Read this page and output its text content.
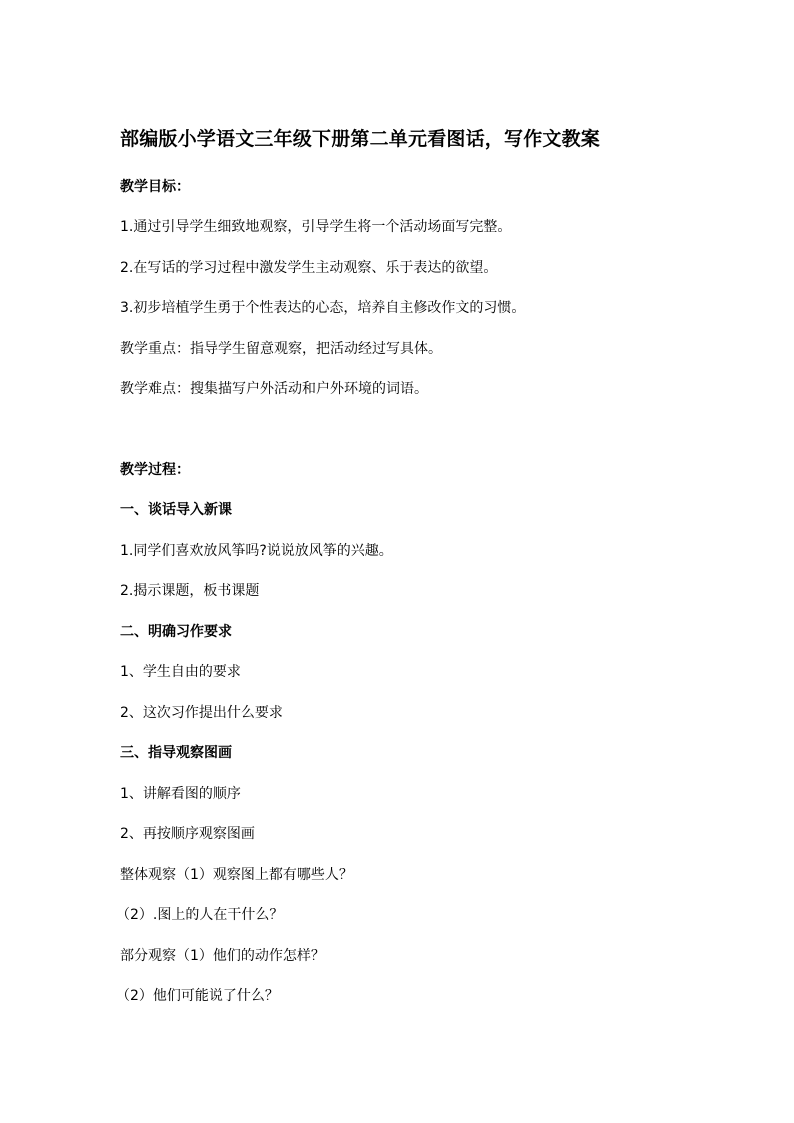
部编版小学语文三年级下册第二单元看图话，写作文教案
教学目标：
1.通过引导学生细致地观察，引导学生将一个活动场面写完整。
2.在写话的学习过程中激发学生主动观察、乐于表达的欲望。
3.初步培植学生勇于个性表达的心态，培养自主修改作文的习惯。
教学重点：指导学生留意观察，把活动经过写具体。
教学难点：搜集描写户外活动和户外环境的词语。
教学过程：
一、谈话导入新课
1.同学们喜欢放风筝吗?说说放风筝的兴趣。
2.揭示课题，板书课题
二、明确习作要求
1、学生自由的要求
2、这次习作提出什么要求
三、指导观察图画
1、讲解看图的顺序
2、再按顺序观察图画
整体观察（1）观察图上都有哪些人？
（2）.图上的人在干什么？
部分观察（1）他们的动作怎样？
（2）他们可能说了什么？
